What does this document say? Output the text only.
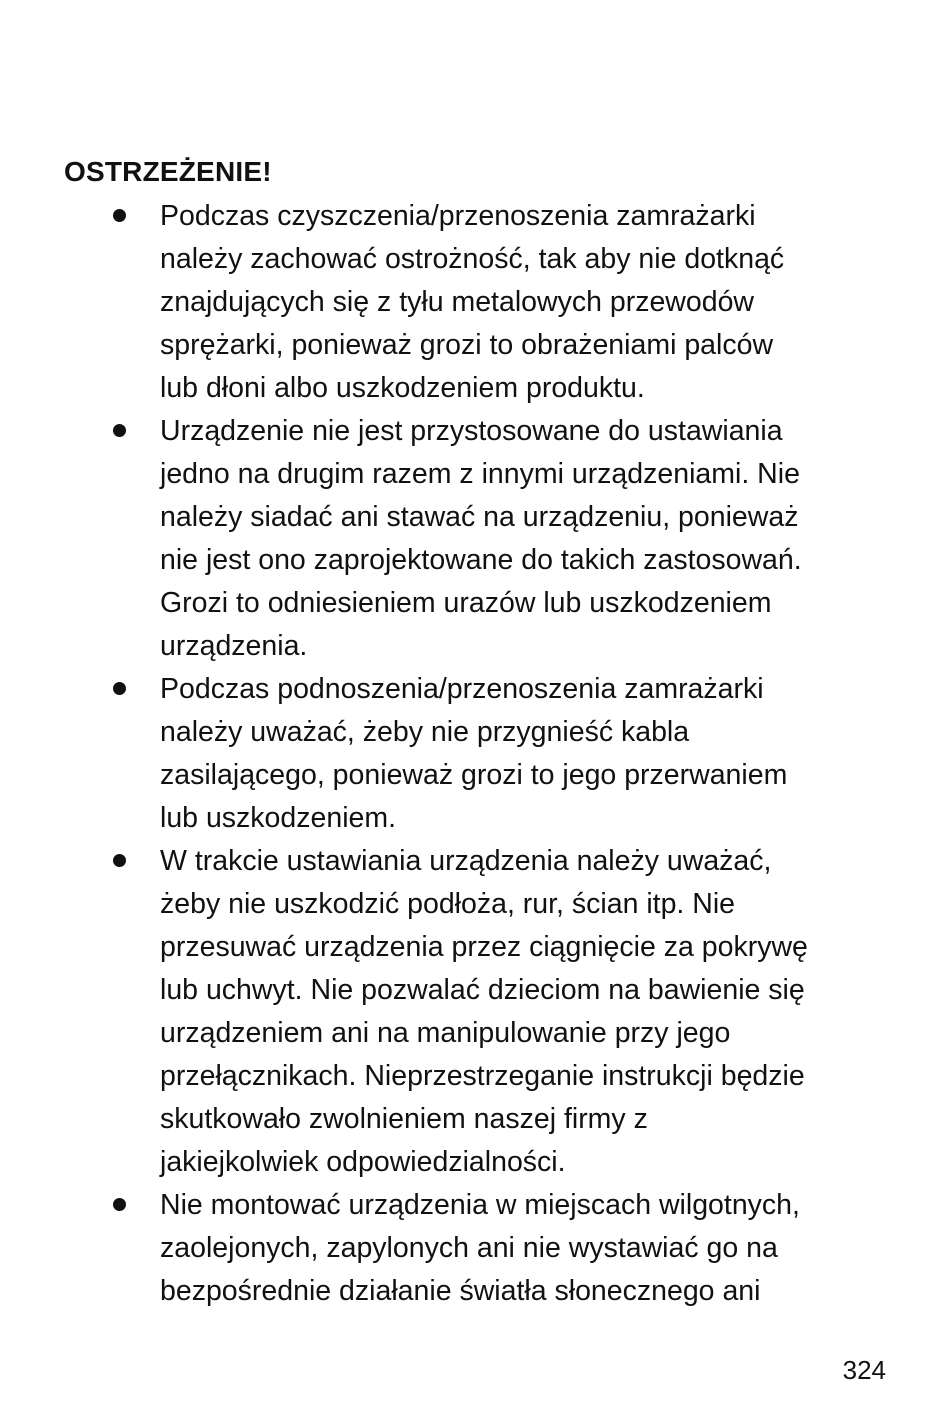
OSTRZEŻENIE!
Podczas czyszczenia/przenoszenia zamrażarki
należy zachować ostrożność, tak aby nie dotknąć
znajdujących się z tyłu metalowych przewodów
sprężarki, ponieważ grozi to obrażeniami palców
lub dłoni albo uszkodzeniem produktu.
Urządzenie nie jest przystosowane do ustawiania
jedno na drugim razem z innymi urządzeniami. Nie
należy siadać ani stawać na urządzeniu, ponieważ
nie jest ono zaprojektowane do takich zastosowań.
Grozi to odniesieniem urazów lub uszkodzeniem
urządzenia.
Podczas podnoszenia/przenoszenia zamrażarki
należy uważać, żeby nie przygnieść kabla
zasilającego, ponieważ grozi to jego przerwaniem
lub uszkodzeniem.
W trakcie ustawiania urządzenia należy uważać,
żeby nie uszkodzić podłoża, rur, ścian itp. Nie
przesuwać urządzenia przez ciągnięcie za pokrywę
lub uchwyt. Nie pozwalać dzieciom na bawienie się
urządzeniem ani na manipulowanie przy jego
przełącznikach. Nieprzestrzeganie instrukcji będzie
skutkowało zwolnieniem naszej firmy z
jakiejkolwiek odpowiedzialności.
Nie montować urządzenia w miejscach wilgotnych,
zaolejonych, zapylonych ani nie wystawiać go na
bezpośrednie działanie światła słonecznego ani
324
